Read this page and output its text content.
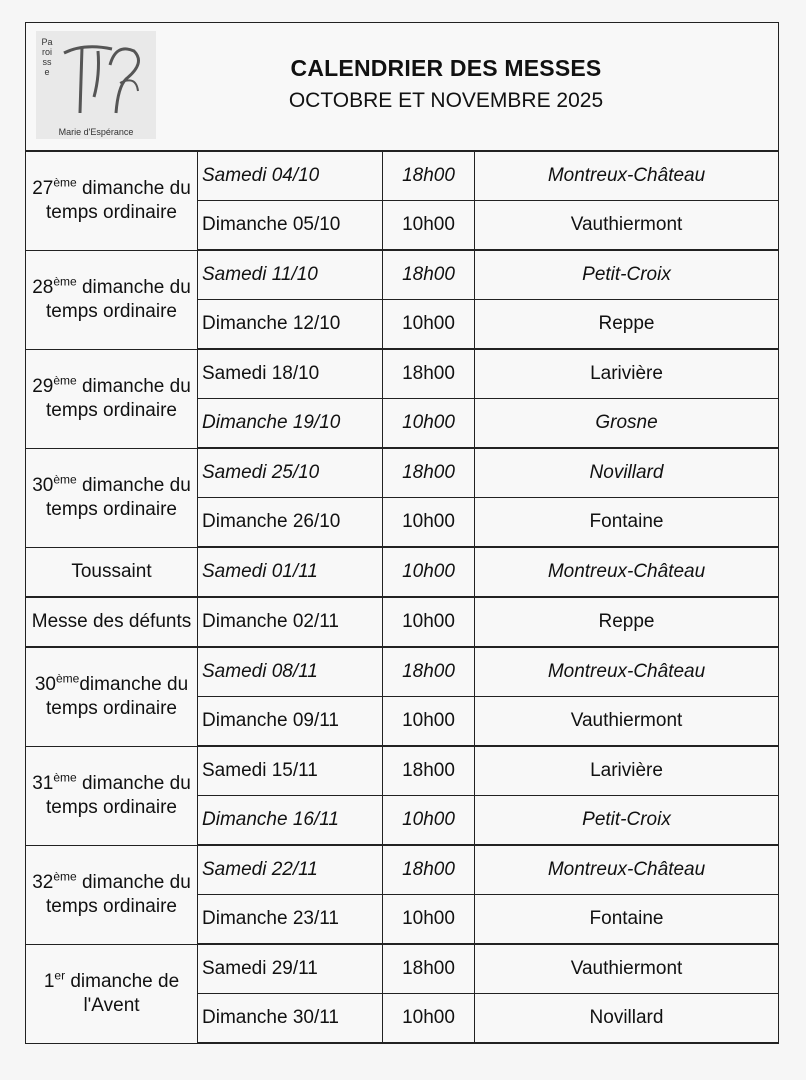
Paroisse
Marie d'Espérance
CALENDRIER DES MESSES
OCTOBRE ET NOVEMBRE 2025
27ème dimanche du temps ordinaire	Samedi 04/10	18h00	Montreux-Château
	Dimanche 05/10	10h00	Vauthiermont
28ème dimanche du temps ordinaire	Samedi 11/10	18h00	Petit-Croix
	Dimanche 12/10	10h00	Reppe
29ème dimanche du temps ordinaire	Samedi 18/10	18h00	Larivière
	Dimanche 19/10	10h00	Grosne
30ème dimanche du temps ordinaire	Samedi 25/10	18h00	Novillard
	Dimanche 26/10	10h00	Fontaine
Toussaint	Samedi 01/11	10h00	Montreux-Château
Messe des défunts	Dimanche 02/11	10h00	Reppe
30èmedimanche du temps ordinaire	Samedi 08/11	18h00	Montreux-Château
	Dimanche 09/11	10h00	Vauthiermont
31ème dimanche du temps ordinaire	Samedi 15/11	18h00	Larivière
	Dimanche 16/11	10h00	Petit-Croix
32ème dimanche du temps ordinaire	Samedi 22/11	18h00	Montreux-Château
	Dimanche 23/11	10h00	Fontaine
1er dimanche de l'Avent	Samedi 29/11	18h00	Vauthiermont
	Dimanche 30/11	10h00	Novillard
